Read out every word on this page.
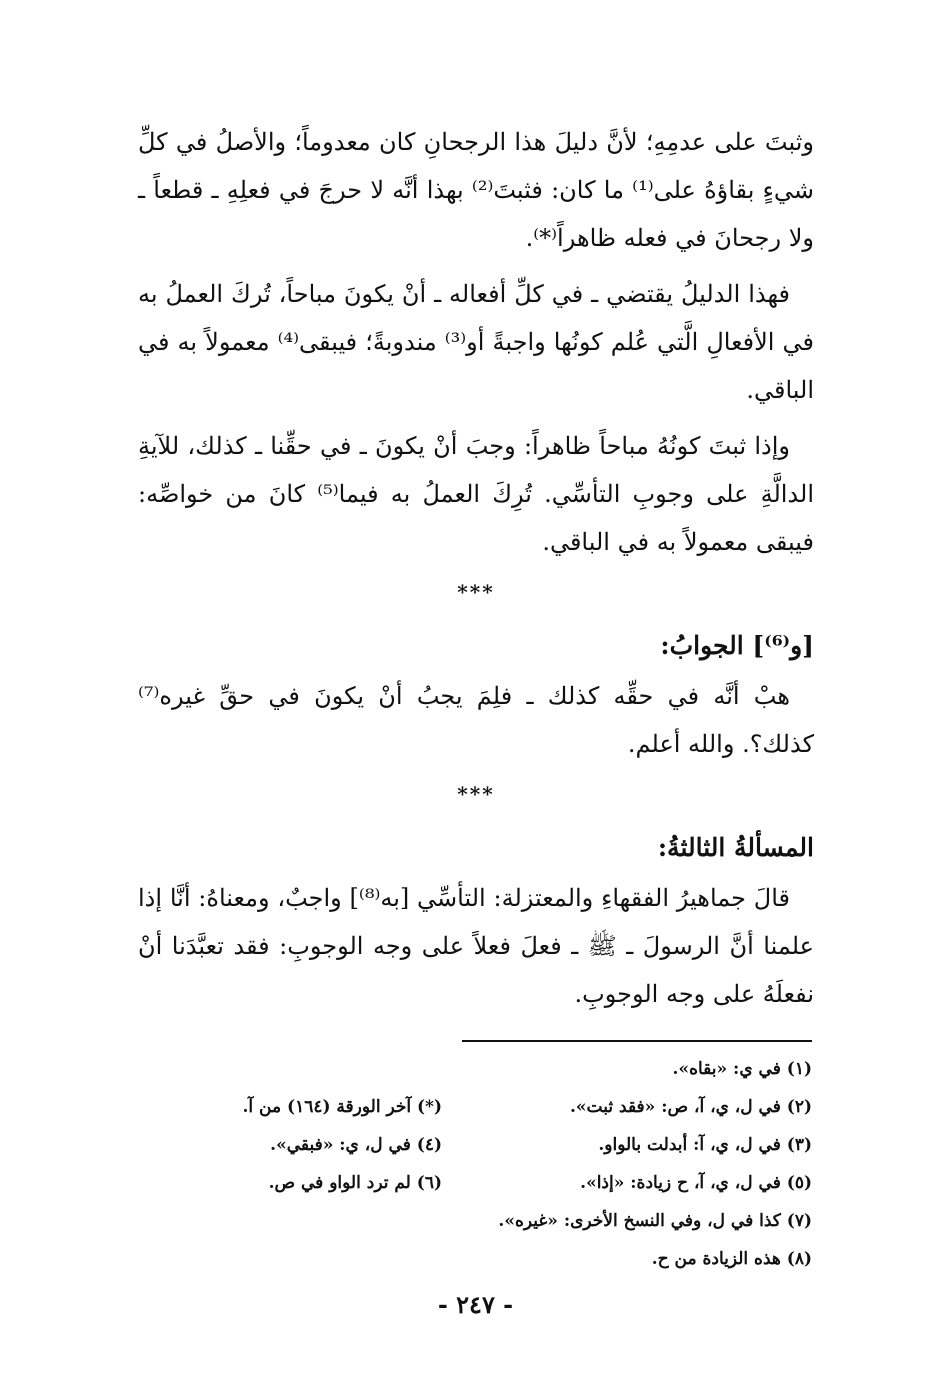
وثبتَ على عدمِهِ؛ لأنَّ دليلَ هذا الرجحانِ كان معدوماً؛ والأصلُ في كلِّ شيءٍ بقاؤهُ على⁽¹⁾ ما كان: فثبتَ⁽²⁾ بهذا أنَّه لا حرجَ في فعلِهِ ـ قطعاً ـ ولا رجحانَ في فعله ظاهراً⁽*⁾.

فهذا الدليلُ يقتضي ـ في كلِّ أفعاله ـ أنْ يكونَ مباحاً، تُركَ العملُ به في الأفعالِ الَّتي عُلم كونُها واجبةً أو⁽³⁾ مندوبةً؛ فيبقى⁽⁴⁾ معمولاً به في الباقي.

وإذا ثبتَ كونُهُ مباحاً ظاهراً: وجبَ أنْ يكونَ ـ في حقِّنا ـ كذلك، للآيةِ الدالَّةِ على وجوبِ التأسِّي. تُرِكَ العملُ به فيما⁽⁵⁾ كانَ من خواصِّه: فيبقى معمولاً به في الباقي.

***
[و⁽⁶⁾] الجوابُ:

هبْ أنَّه في حقِّه كذلك ـ فلِمَ يجبُ أنْ يكونَ في حقِّ غيره⁽⁷⁾ كذلك؟. والله أعلم.

***
المسألةُ الثالثةُ:

قالَ جماهيرُ الفقهاءِ والمعتزلة: التأسِّي [به⁽⁸⁾] واجبٌ، ومعناهُ: أنَّا إذا علمنا أنَّ الرسولَ ـ ﷺ ـ فعلَ فعلاً على وجه الوجوبِ: فقد تعبَّدَنا أنْ نفعلَهُ على وجه الوجوبِ.

(١) في ي: «بقاه».
(٢) في ل، ي، آ، ص: «فقد ثبت».
(*) آخر الورقة (١٦٤) من آ.
(٣) في ل، ي، آ: أبدلت بالواو.
(٤) في ل، ي: «فبقي».
(٥) في ل، ي، آ، ح زيادة: «إذا».
(٦) لم ترد الواو في ص.
(٧) كذا في ل، وفي النسخ الأخرى: «غيره».
(٨) هذه الزيادة من ح.
- ٢٤٧ -
